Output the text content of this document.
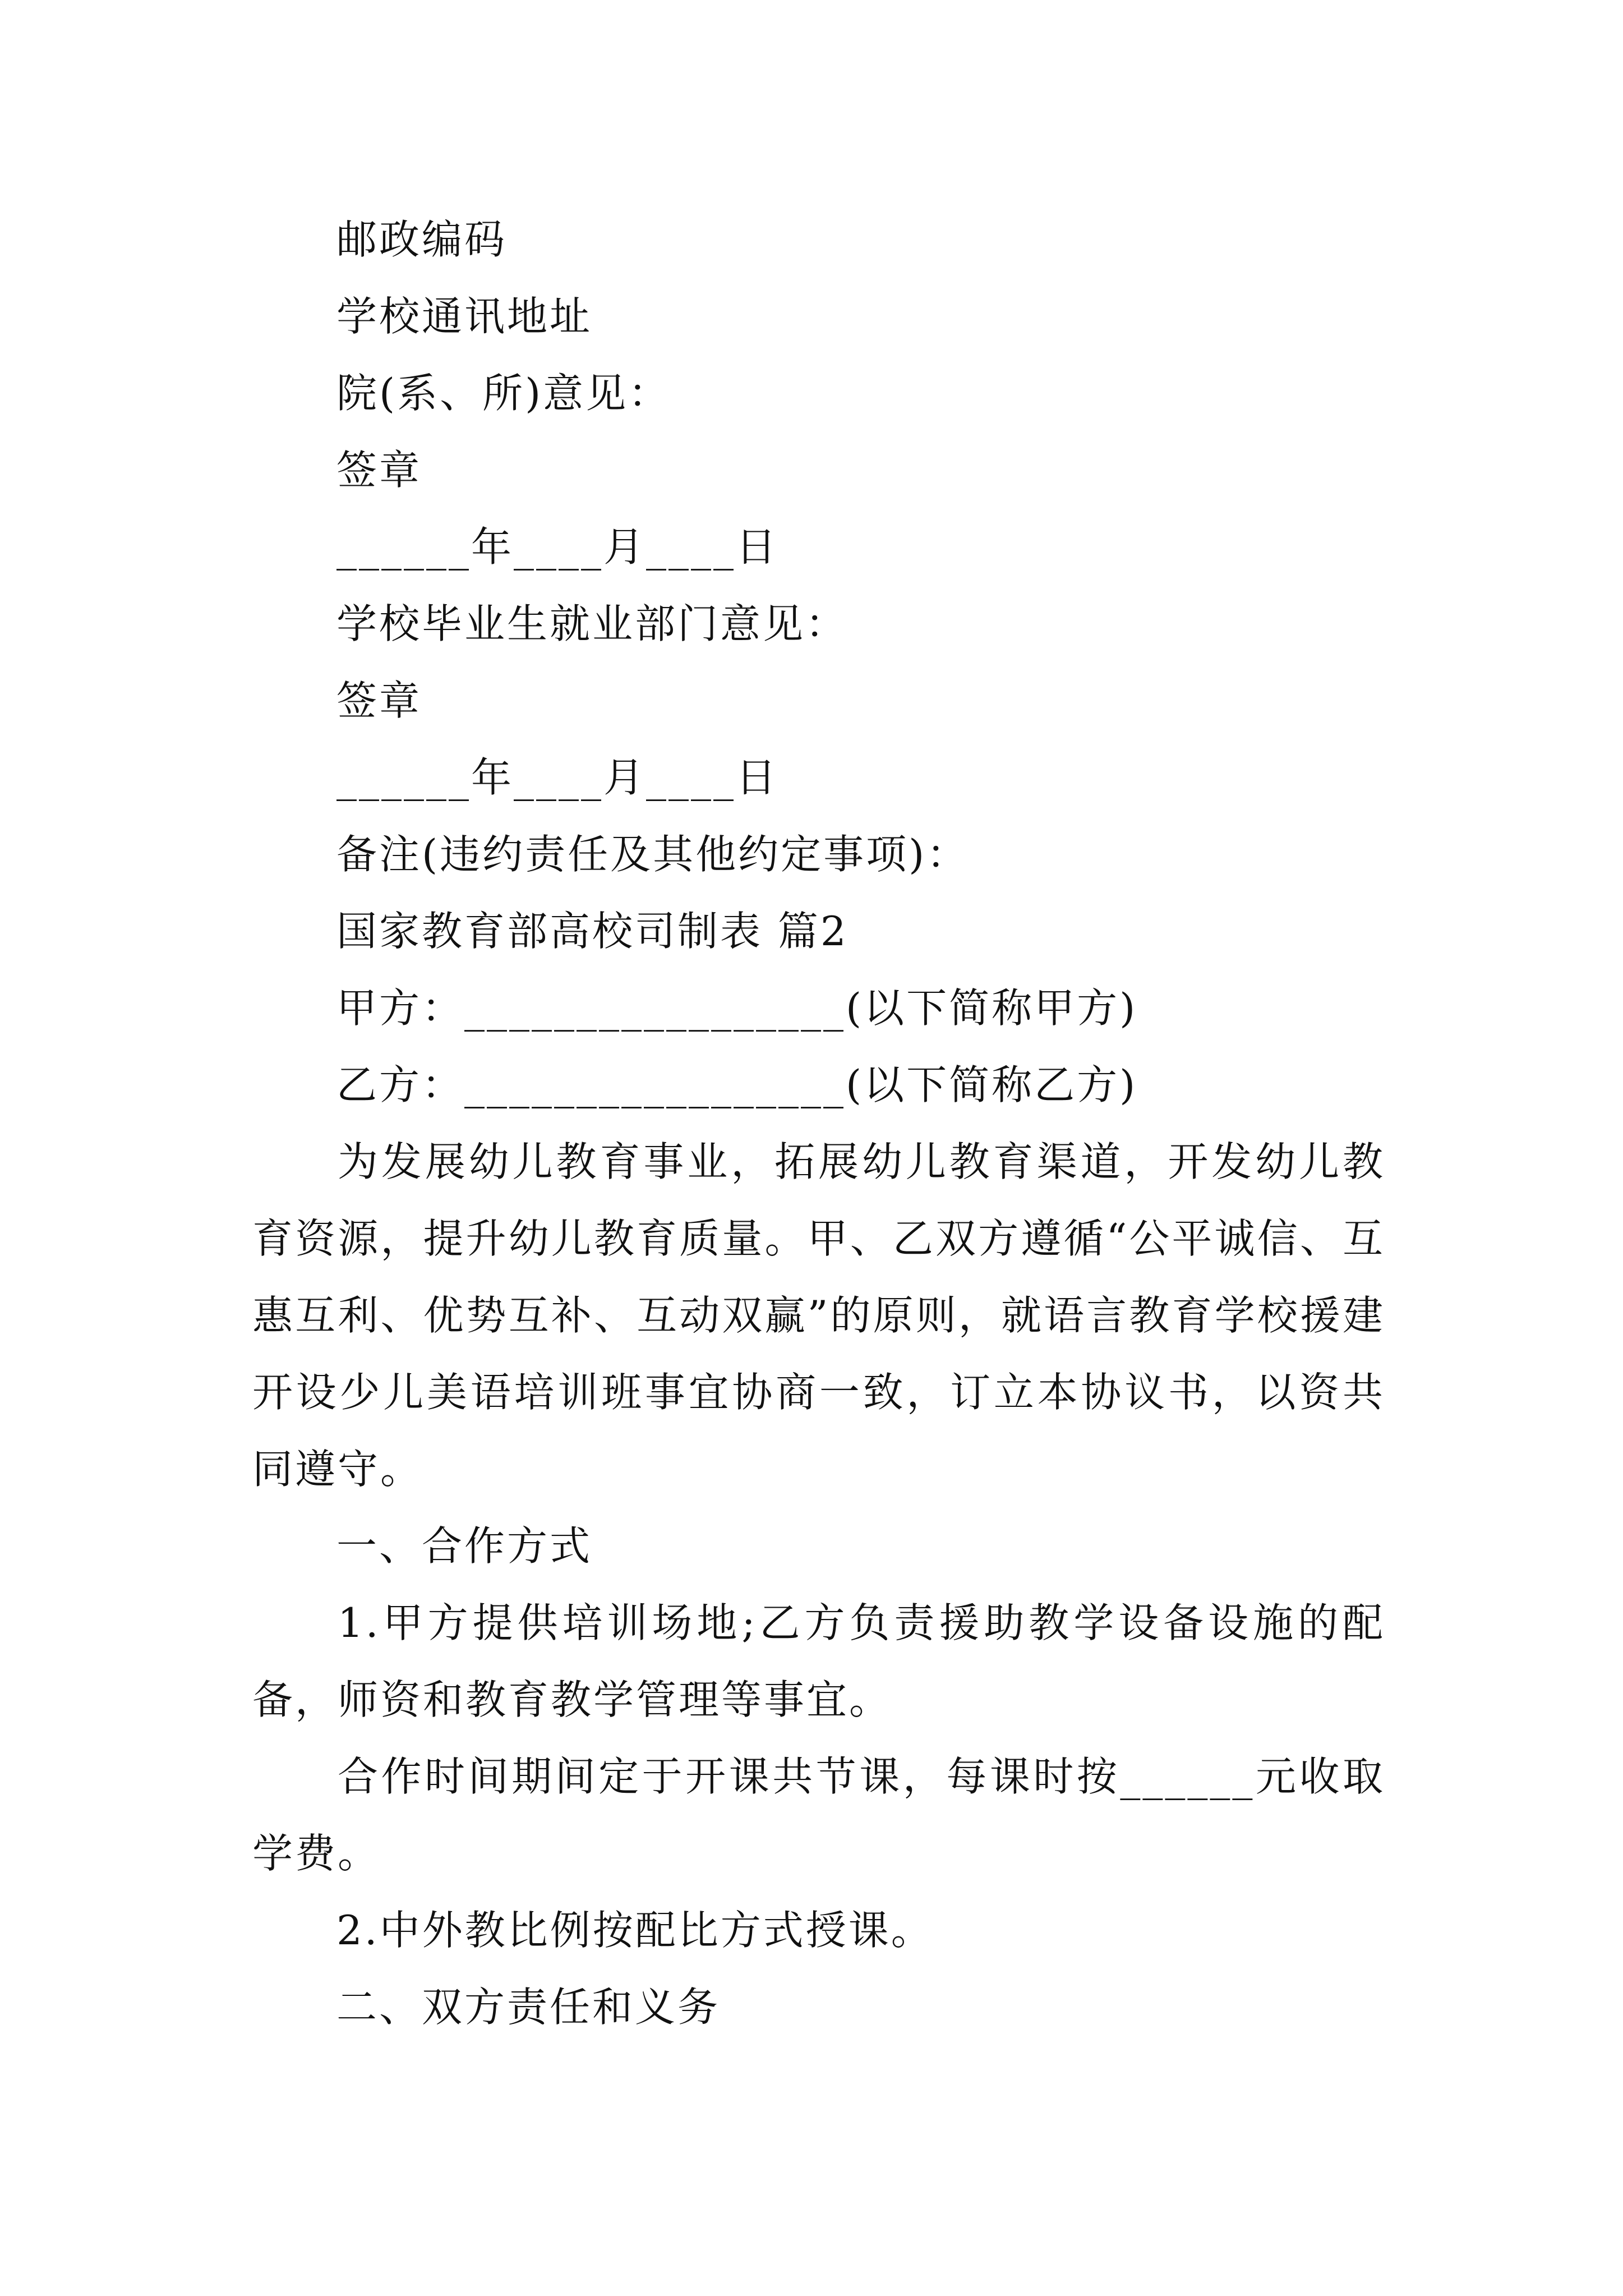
邮政编码
学校通讯地址
院(系、所)意见：
签章
______年____月____日
学校毕业生就业部门意见：
签章
______年____月____日
备注(违约责任及其他约定事项)：
国家教育部高校司制表 篇2
甲方：_________________(以下简称甲方)
乙方：_________________(以下简称乙方)

为发展幼儿教育事业，拓展幼儿教育渠道，开发幼儿教育资源，提升幼儿教育质量。甲、乙双方遵循“公平诚信、互惠互利、优势互补、互动双赢”的原则，就语言教育学校援建开设少儿美语培训班事宜协商一致，订立本协议书，以资共同遵守。

一、合作方式

1.甲方提供培训场地;乙方负责援助教学设备设施的配备，师资和教育教学管理等事宜。

合作时间期间定于开课共节课，每课时按______元收取学费。

2.中外教比例按配比方式授课。
二、双方责任和义务
